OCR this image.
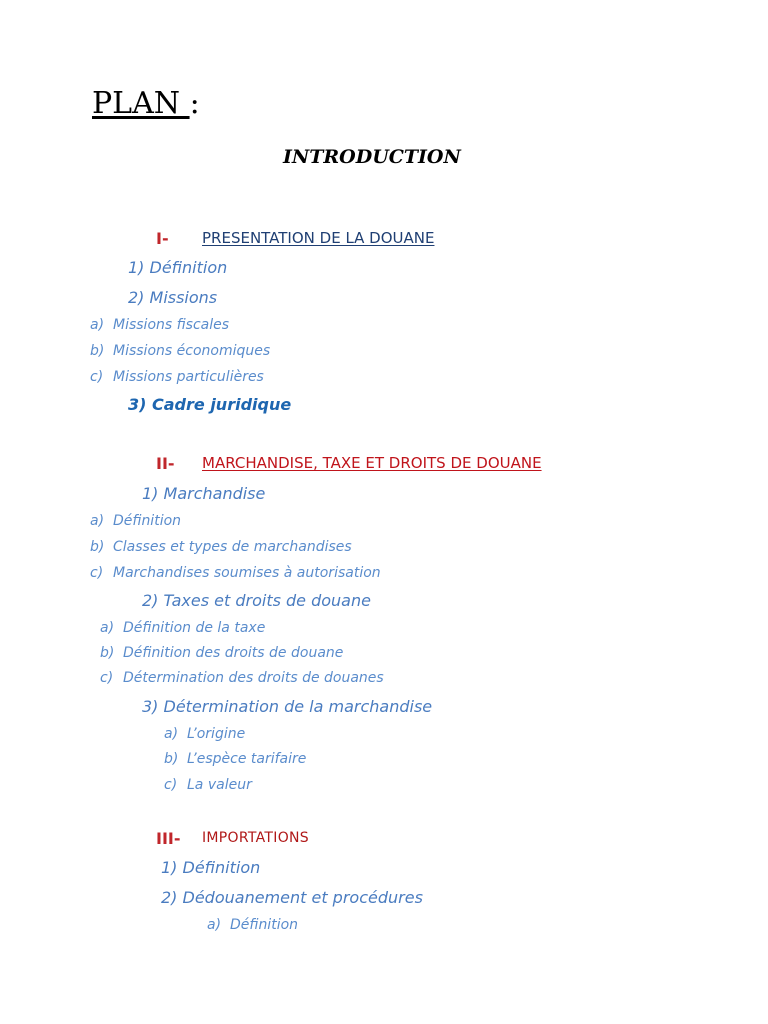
PLAN :
INTRODUCTION
I- PRESENTATION DE LA DOUANE
1) Définition
2) Missions
a) Missions fiscales
b) Missions économiques
c) Missions particulières
3) Cadre juridique
II- MARCHANDISE, TAXE ET DROITS DE DOUANE
1) Marchandise
a) Définition
b) Classes et types de marchandises
c) Marchandises soumises à autorisation
2) Taxes et droits de douane
a) Définition de la taxe
b) Définition des droits de douane
c) Détermination des droits de douanes
3) Détermination de la marchandise
a) L’origine
b) L’espèce tarifaire
c) La valeur
III- IMPORTATIONS
1) Définition
2) Dédouanement et procédures
a) Définition
